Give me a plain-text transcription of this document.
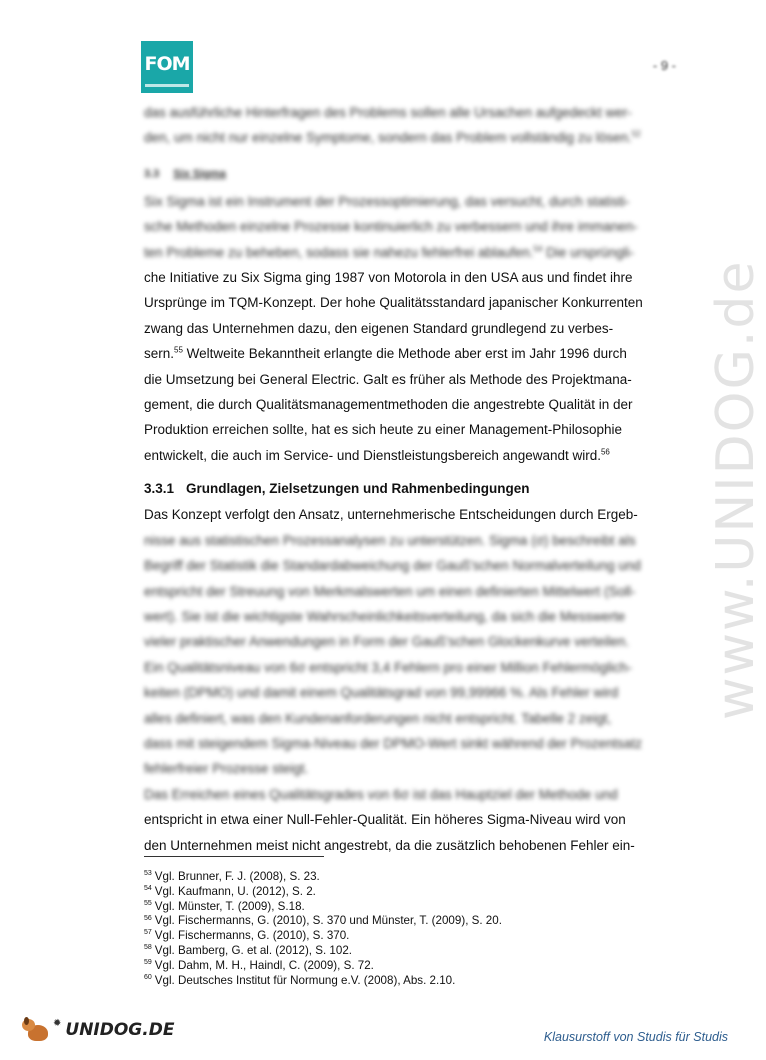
FOM	- 9 -
www.UNIDOG.de

das ausführliche Hinterfragen des Problems sollen alle Ursachen aufgedeckt wer-

den, um nicht nur einzelne Symptome, sondern das Problem vollständig zu lösen.$^{52}$

3.3 Six Sigma

Six Sigma ist ein Instrument der Prozessoptimierung, das versucht, durch statisti-

sche Methoden einzelne Prozesse kontinuierlich zu verbessern und ihre immanen-

ten Probleme zu beheben, sodass sie nahezu fehlerfrei ablaufen.$^{54}$ Die ursprüngli-

che Initiative zu Six Sigma ging 1987 von Motorola in den USA aus und findet ihre

Ursprünge im TQM-Konzept. Der hohe Qualitätsstandard japanischer Konkurrenten

zwang das Unternehmen dazu, den eigenen Standard grundlegend zu verbes-

sern.$^{55}$ Weltweite Bekanntheit erlangte die Methode aber erst im Jahr 1996 durch

die Umsetzung bei General Electric. Galt es früher als Methode des Projektmana-

gement, die durch Qualitätsmanagementmethoden die angestrebte Qualität in der

Produktion erreichen sollte, hat es sich heute zu einer Management-Philosophie

entwickelt, die auch im Service- und Dienstleistungsbereich angewandt wird.$^{56}$

3.3.1 Grundlagen, Zielsetzungen und Rahmenbedingungen

Das Konzept verfolgt den Ansatz, unternehmerische Entscheidungen durch Ergeb-

nisse aus statistischen Prozessanalysen zu unterstützen. Sigma (σ) beschreibt als

Begriff der Statistik die Standardabweichung der Gauß'schen Normalverteilung und

entspricht der Streuung von Merkmalswerten um einen definierten Mittelwert (Soll-

wert). Sie ist die wichtigste Wahrscheinlichkeitsverteilung, da sich die Messwerte

vieler praktischer Anwendungen in Form der Gauß'schen Glockenkurve verteilen.

Ein Qualitätsniveau von 6σ entspricht 3,4 Fehlern pro einer Million Fehlermöglich-

keiten (DPMO) und damit einem Qualitätsgrad von 99,99966 %. Als Fehler wird

alles definiert, was den Kundenanforderungen nicht entspricht. Tabelle 2 zeigt,

dass mit steigendem Sigma-Niveau der DPMO-Wert sinkt während der Prozentsatz

fehlerfreier Prozesse steigt.

Das Erreichen eines Qualitätsgrades von 6σ ist das Hauptziel der Methode und

entspricht in etwa einer Null-Fehler-Qualität. Ein höheres Sigma-Niveau wird von

den Unternehmen meist nicht angestrebt, da die zusätzlich behobenen Fehler ein-

$^{53}$ Vgl. Brunner, F. J. (2008), S. 23.
$^{54}$ Vgl. Kaufmann, U. (2012), S. 2.
$^{55}$ Vgl. Münster, T. (2009), S.18.
$^{56}$ Vgl. Fischermanns, G. (2010), S. 370 und Münster, T. (2009), S. 20.
$^{57}$ Vgl. Fischermanns, G. (2010), S. 370.
$^{58}$ Vgl. Bamberg, G. et al. (2012), S. 102.
$^{59}$ Vgl. Dahm, M. H., Haindl, C. (2009), S. 72.
$^{60}$ Vgl. Deutsches Institut für Normung e.V. (2008), Abs. 2.10.
✹ UNIDOG.DE	Klausurstoff von Studis für Studis
